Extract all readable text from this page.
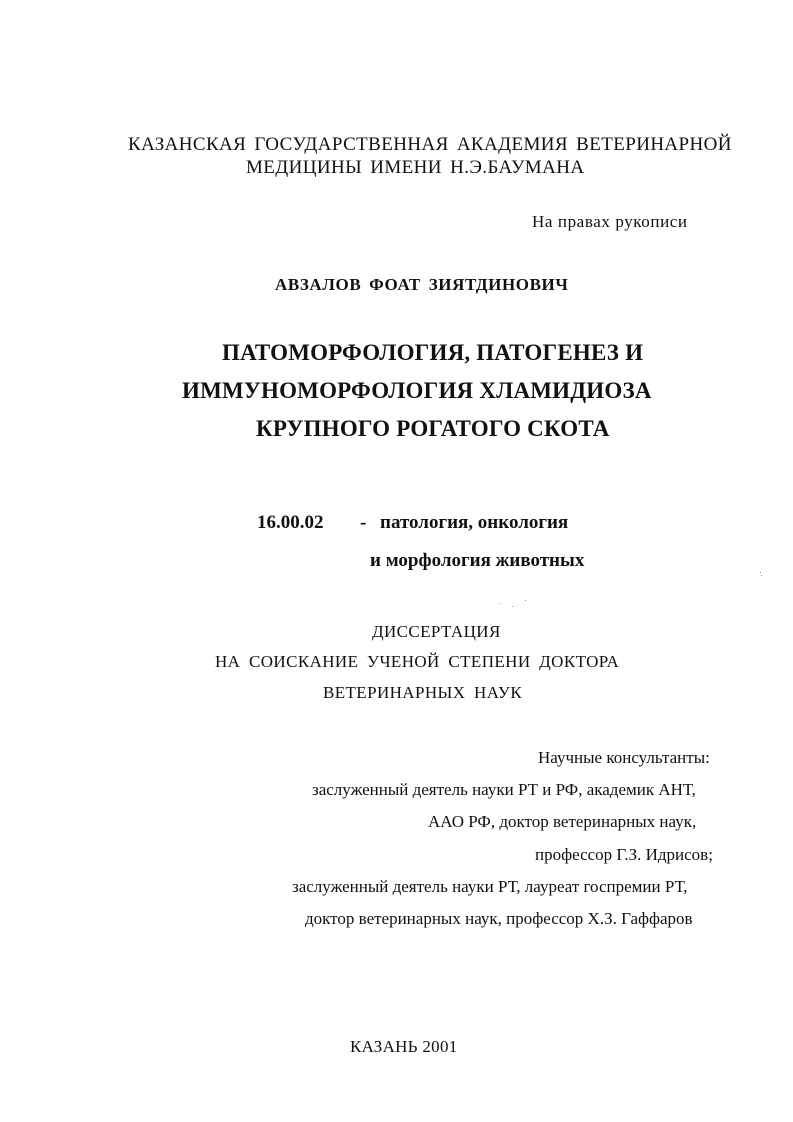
КАЗАНСКАЯ ГОСУДАРСТВЕННАЯ АКАДЕМИЯ ВЕТЕРИНАРНОЙ

МЕДИЦИНЫ ИМЕНИ Н.Э.БАУМАНА

На правах рукописи

АВЗАЛОВ ФОАТ ЗИЯТДИНОВИЧ

ПАТОМОРФОЛОГИЯ, ПАТОГЕНЕЗ И

ИММУНОМОРФОЛОГИЯ ХЛАМИДИОЗА

КРУПНОГО РОГАТОГО СКОТА

16.00.02 - патология, онкология

и морфология животных

ДИССЕРТАЦИЯ

НА СОИСКАНИЕ УЧЕНОЙ СТЕПЕНИ ДОКТОРА

ВЕТЕРИНАРНЫХ НАУК

Научные консультанты:

заслуженный деятель науки РТ и РФ, академик АНТ,

ААО РФ, доктор ветеринарных наук,

профессор Г.З. Идрисов;

заслуженный деятель науки РТ, лауреат госпремии РТ,

доктор ветеринарных наук, профессор Х.З. Гаффаров

КАЗАНЬ 2001
